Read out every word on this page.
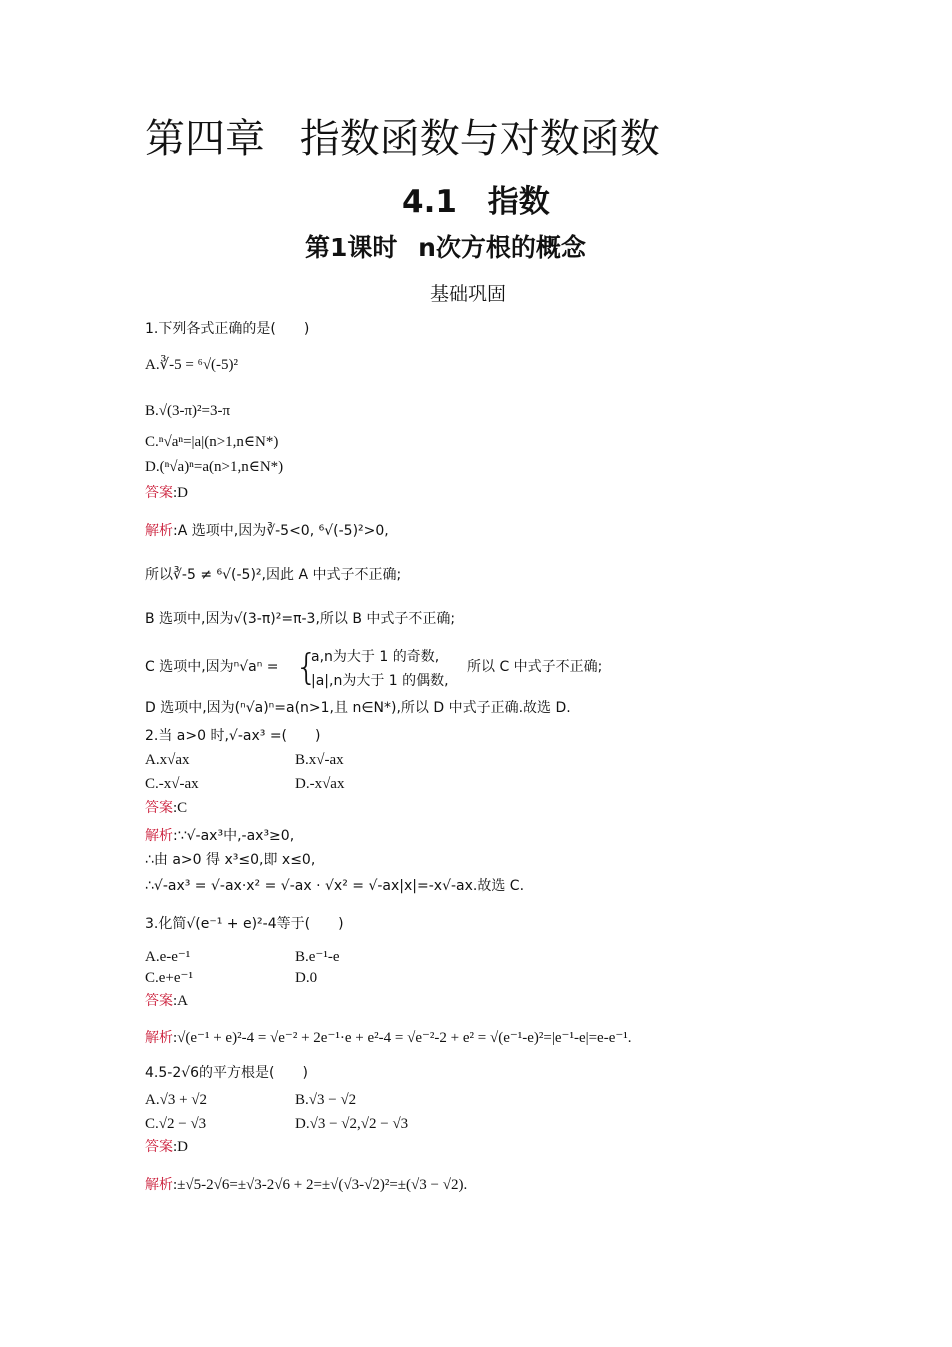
第四章 指数函数与对数函数
4.1 指数
第1课时 n次方根的概念
基础巩固
1.下列各式正确的是(　　)
A.∛-5 = ⁶√(-5)²
B.√(3-π)²=3-π
C.ⁿ√aⁿ=|a|(n>1,n∈N*)
D.(ⁿ√a)ⁿ=a(n>1,n∈N*)
答案:D
解析:A 选项中,因为∛-5<0, ⁶√(-5)²>0,
所以∛-5 ≠ ⁶√(-5)²,因此 A 中式子不正确;
B 选项中,因为√(3-π)²=π-3,所以 B 中式子不正确;
C 选项中,因为ⁿ√aⁿ = {
a,n为大于 1 的奇数,
|a|,n为大于 1 的偶数,
所以 C 中式子不正确;
D 选项中,因为(ⁿ√a)ⁿ=a(n>1,且 n∈N*),所以 D 中式子正确.故选 D.
2.当 a>0 时,√-ax³ =(　　)
A.x√ax	B.x√-ax
C.-x√-ax	D.-x√ax
答案:C
解析:∵√-ax³中,-ax³≥0,
∴由 a>0 得 x³≤0,即 x≤0,
∴√-ax³ = √-ax·x² = √-ax · √x² = √-ax|x|=-x√-ax.故选 C.
3.化简√(e⁻¹ + e)²-4等于(　　)
A.e-e⁻¹	B.e⁻¹-e
C.e+e⁻¹	D.0
答案:A
解析:√(e⁻¹ + e)²-4 = √e⁻² + 2e⁻¹·e + e²-4 = √e⁻²-2 + e² = √(e⁻¹-e)²=|e⁻¹-e|=e-e⁻¹.
4.5-2√6的平方根是(　　)
A.√3 + √2	B.√3 − √2
C.√2 − √3	D.√3 − √2,√2 − √3
答案:D
解析:±√5-2√6=±√3-2√6 + 2=±√(√3-√2)²=±(√3 − √2).
